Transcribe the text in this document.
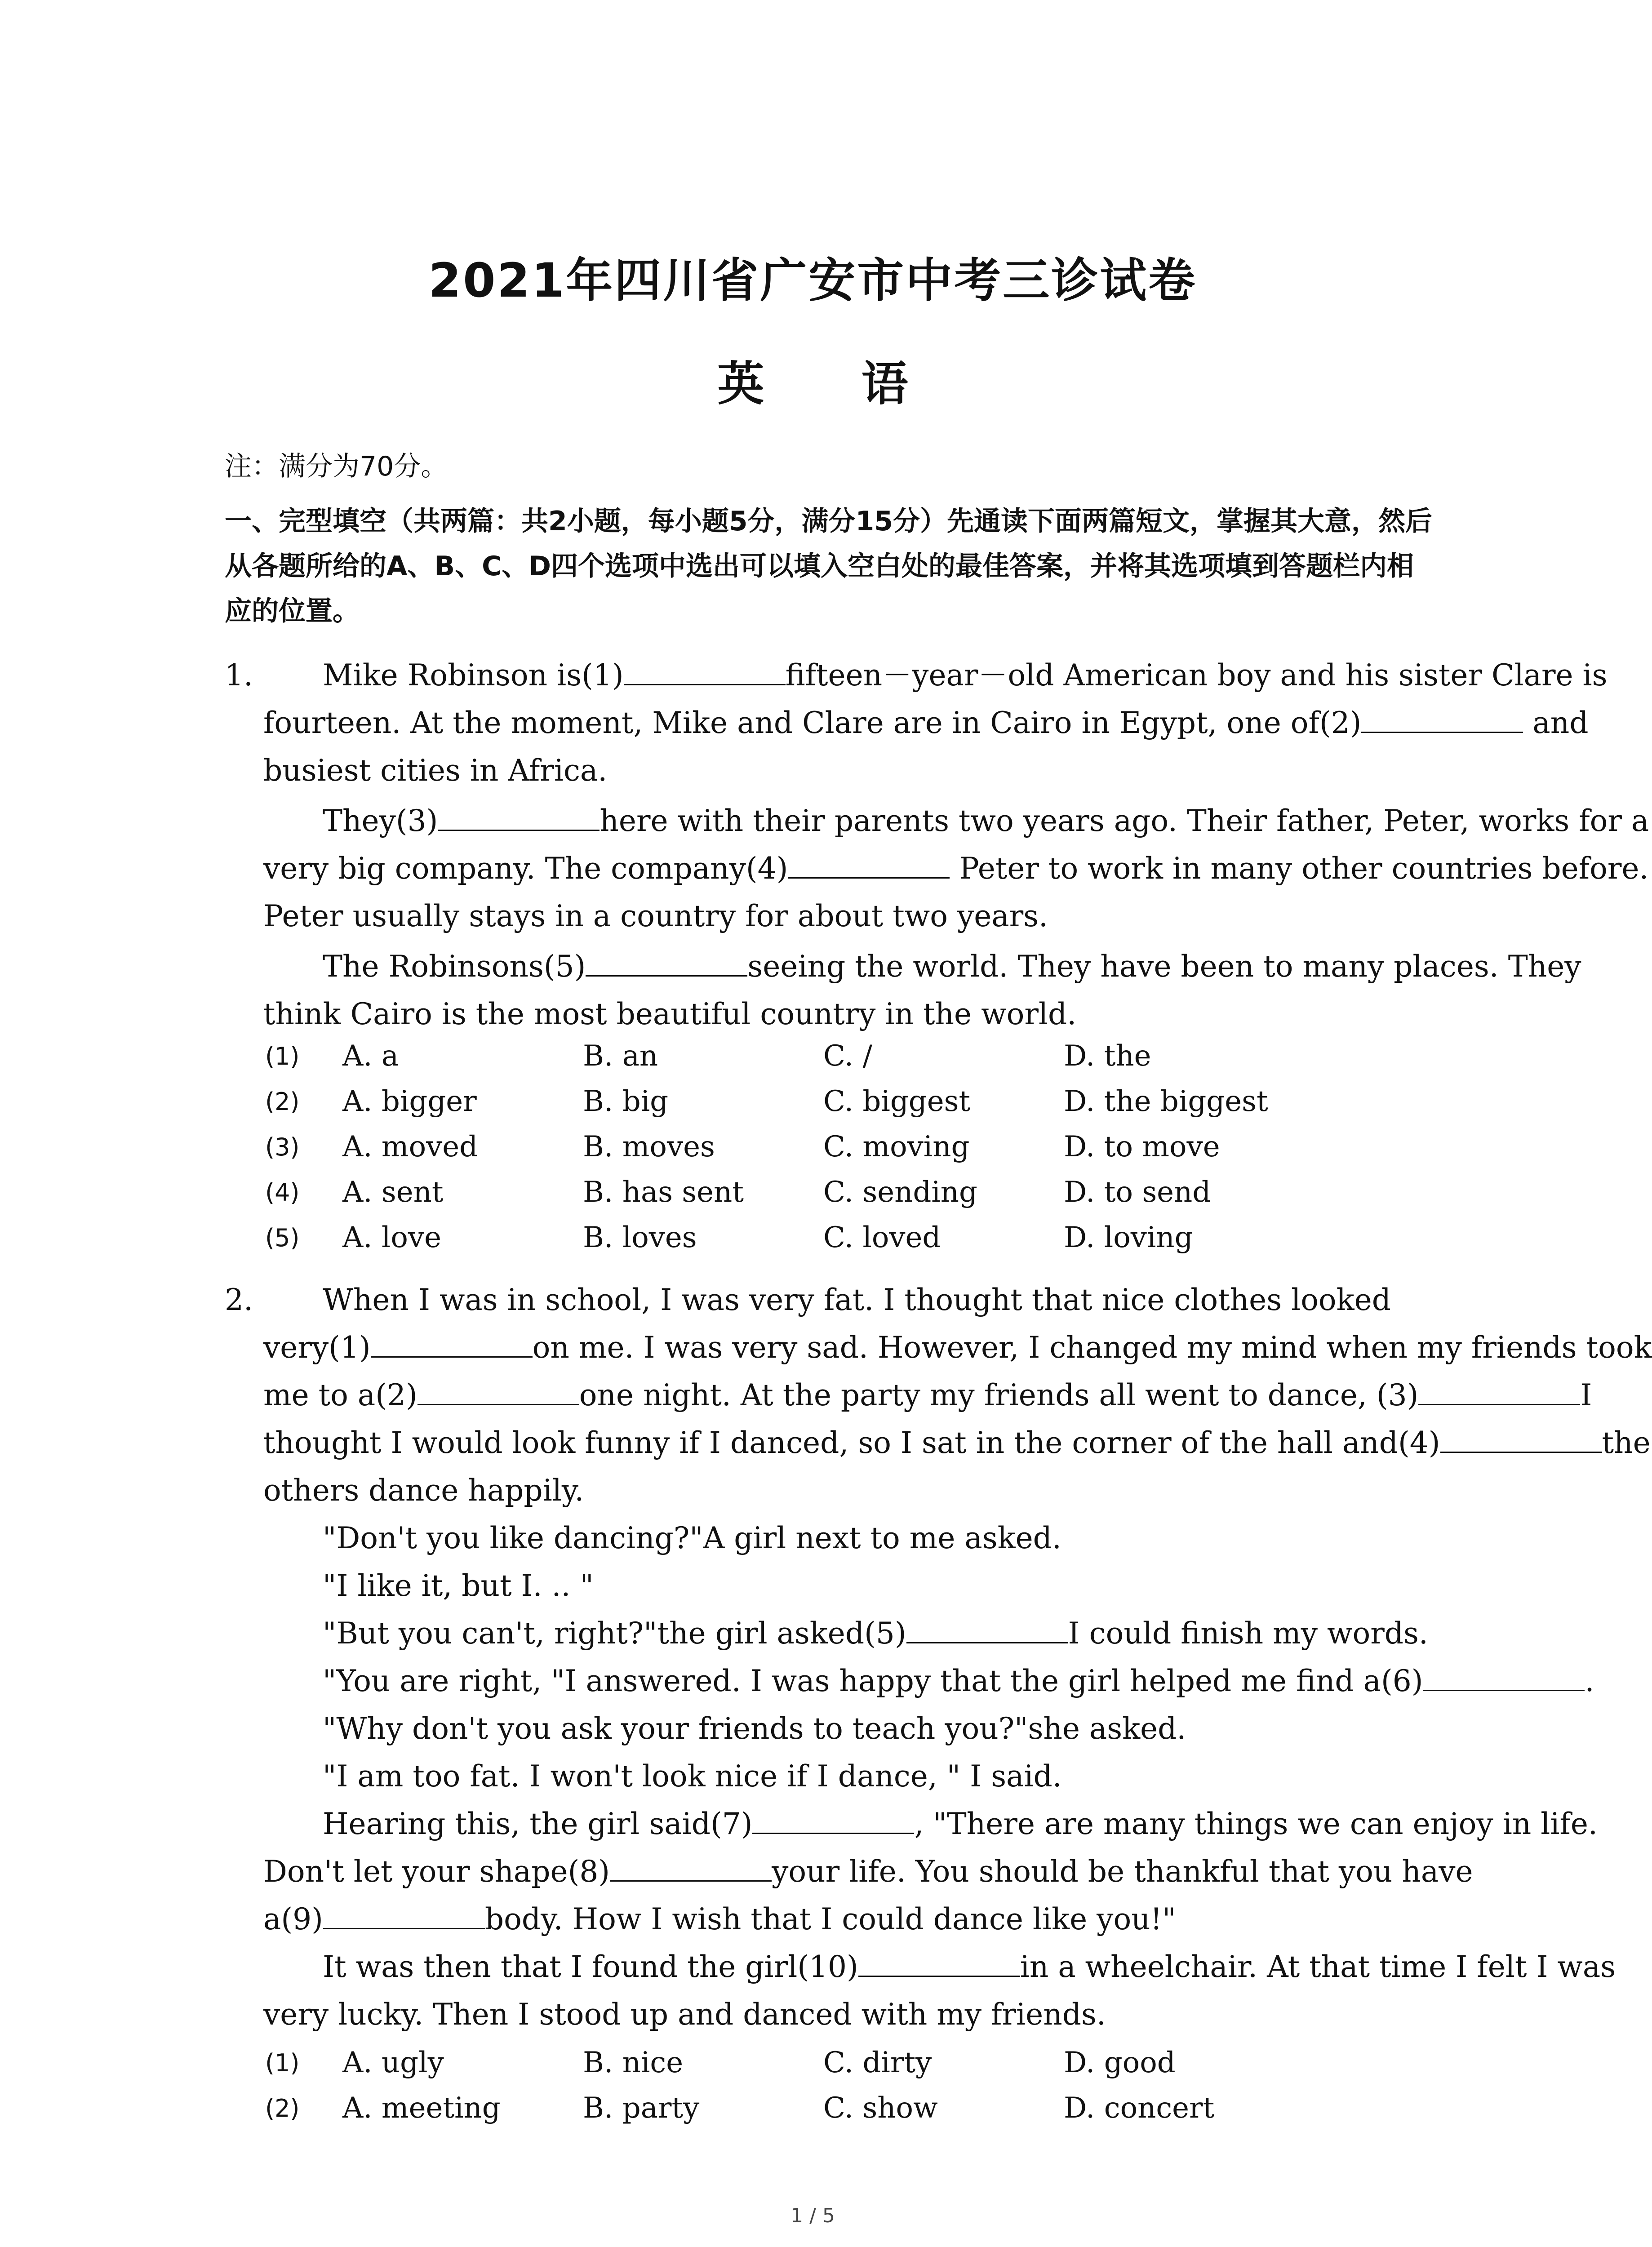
2021年四川省广安市中考三诊试卷
英 语
注：满分为70分。
一、完型填空（共两篇：共2小题，每小题5分，满分15分）先通读下面两篇短文，掌握其大意，然后从各题所给的A、B、C、D四个选项中选出可以填入空白处的最佳答案，并将其选项填到答题栏内相应的位置。
1.	Mike Robinson is(1)	fifteen－year－old American boy and his sister Clare is
fourteen. At the moment, Mike and Clare are in Cairo in Egypt, one of(2)	and
busiest cities in Africa.
They(3)	here with their parents two years ago. Their father, Peter, works for a
very big company. The company(4)	Peter to work in many other countries before.
Peter usually stays in a country for about two years.
The Robinsons(5)	seeing the world. They have been to many places. They
think Cairo is the most beautiful country in the world.
(1) A. a	B. an	C. /	D. the
(2) A. bigger	B. big	C. biggest	D. the biggest
(3) A. moved	B. moves	C. moving	D. to move
(4) A. sent	B. has sent	C. sending	D. to send
(5) A. love	B. loves	C. loved	D. loving
2.	When I was in school, I was very fat. I thought that nice clothes looked
very(1)	on me. I was very sad. However, I changed my mind when my friends took
me to a(2)	one night. At the party my friends all went to dance, (3)	I
thought I would look funny if I danced, so I sat in the corner of the hall and(4)	the
others dance happily.
"Don't you like dancing?"A girl next to me asked.
"I like it, but I. .. "
"But you can't, right?"the girl asked(5)	I could finish my words.
"You are right, "I answered. I was happy that the girl helped me find a(6)	.
"Why don't you ask your friends to teach you?"she asked.
"I am too fat. I won't look nice if I dance, " I said.
Hearing this, the girl said(7)	, "There are many things we can enjoy in life.
Don't let your shape(8)	your life. You should be thankful that you have
a(9)	body. How I wish that I could dance like you!"
It was then that I found the girl(10)	in a wheelchair. At that time I felt I was
very lucky. Then I stood up and danced with my friends.
(1) A. ugly	B. nice	C. dirty	D. good
(2) A. meeting	B. party	C. show	D. concert
1 / 5
